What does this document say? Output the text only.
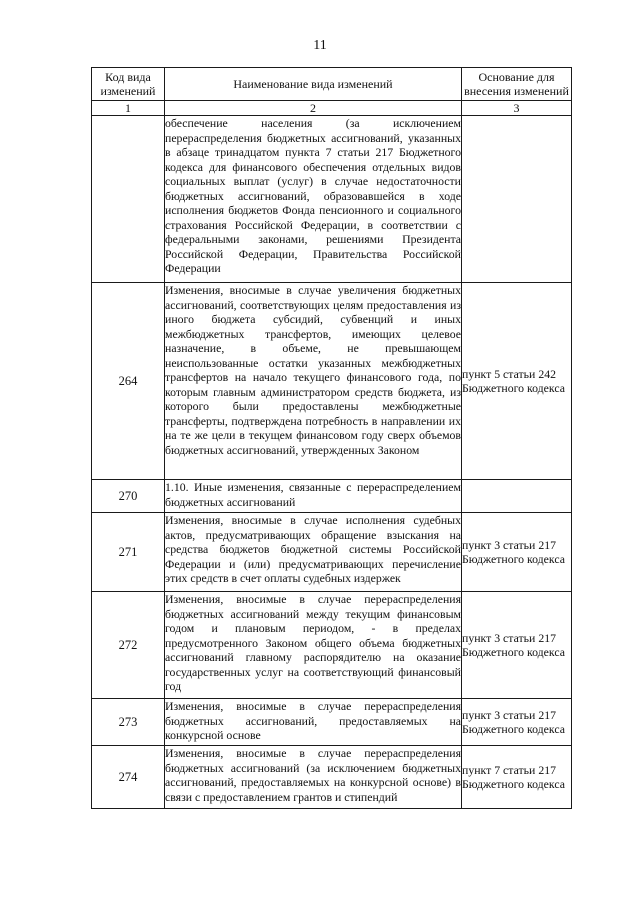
11
Код вида изменений	Наименование вида изменений	Основание для внесения изменений
1	2	3

	обеспечение населения (за исключением перераспределения бюджетных ассигнований, указанных в абзаце тринадцатом пункта 7 статьи 217 Бюджетного кодекса для финансового обеспечения отдельных видов социальных выплат (услуг) в случае недостаточности бюджетных ассигнований, образовавшейся в ходе исполнения бюджетов Фонда пенсионного и социального страхования Российской Федерации, в соответствии с федеральными законами, решениями Президента Российской Федерации, Правительства Российской Федерации	

264	Изменения, вносимые в случае увеличения бюджетных ассигнований, соответствующих целям предоставления из иного бюджета субсидий, субвенций и иных межбюджетных трансфертов, имеющих целевое назначение, в объеме, не превышающем неиспользованные остатки указанных межбюджетных трансфертов на начало текущего финансового года, по которым главным администратором средств бюджета, из которого были предоставлены межбюджетные трансферты, подтверждена потребность в направлении их на те же цели в текущем финансовом году сверх объемов бюджетных ассигнований, утвержденных Законом	пункт 5 статьи 242 Бюджетного кодекса
270	1.10. Иные изменения, связанные с перераспределением бюджетных ассигнований	

271	Изменения, вносимые в случае исполнения судебных актов, предусматривающих обращение взыскания на средства бюджетов бюджетной системы Российской Федерации и (или) предусматривающих перечисление этих средств в счет оплаты судебных издержек	пункт 3 статьи 217 Бюджетного кодекса
272	Изменения, вносимые в случае перераспределения бюджетных ассигнований между текущим финансовым годом и плановым периодом, - в пределах предусмотренного Законом общего объема бюджетных ассигнований главному распорядителю на оказание государственных услуг на соответствующий финансовый год	пункт 3 статьи 217 Бюджетного кодекса
273	Изменения, вносимые в случае перераспределения бюджетных ассигнований, предоставляемых на конкурсной основе	пункт 3 статьи 217 Бюджетного кодекса
274	Изменения, вносимые в случае перераспределения бюджетных ассигнований (за исключением бюджетных ассигнований, предоставляемых на конкурсной основе) в связи с предоставлением грантов и стипендий	пункт 7 статьи 217 Бюджетного кодекса
